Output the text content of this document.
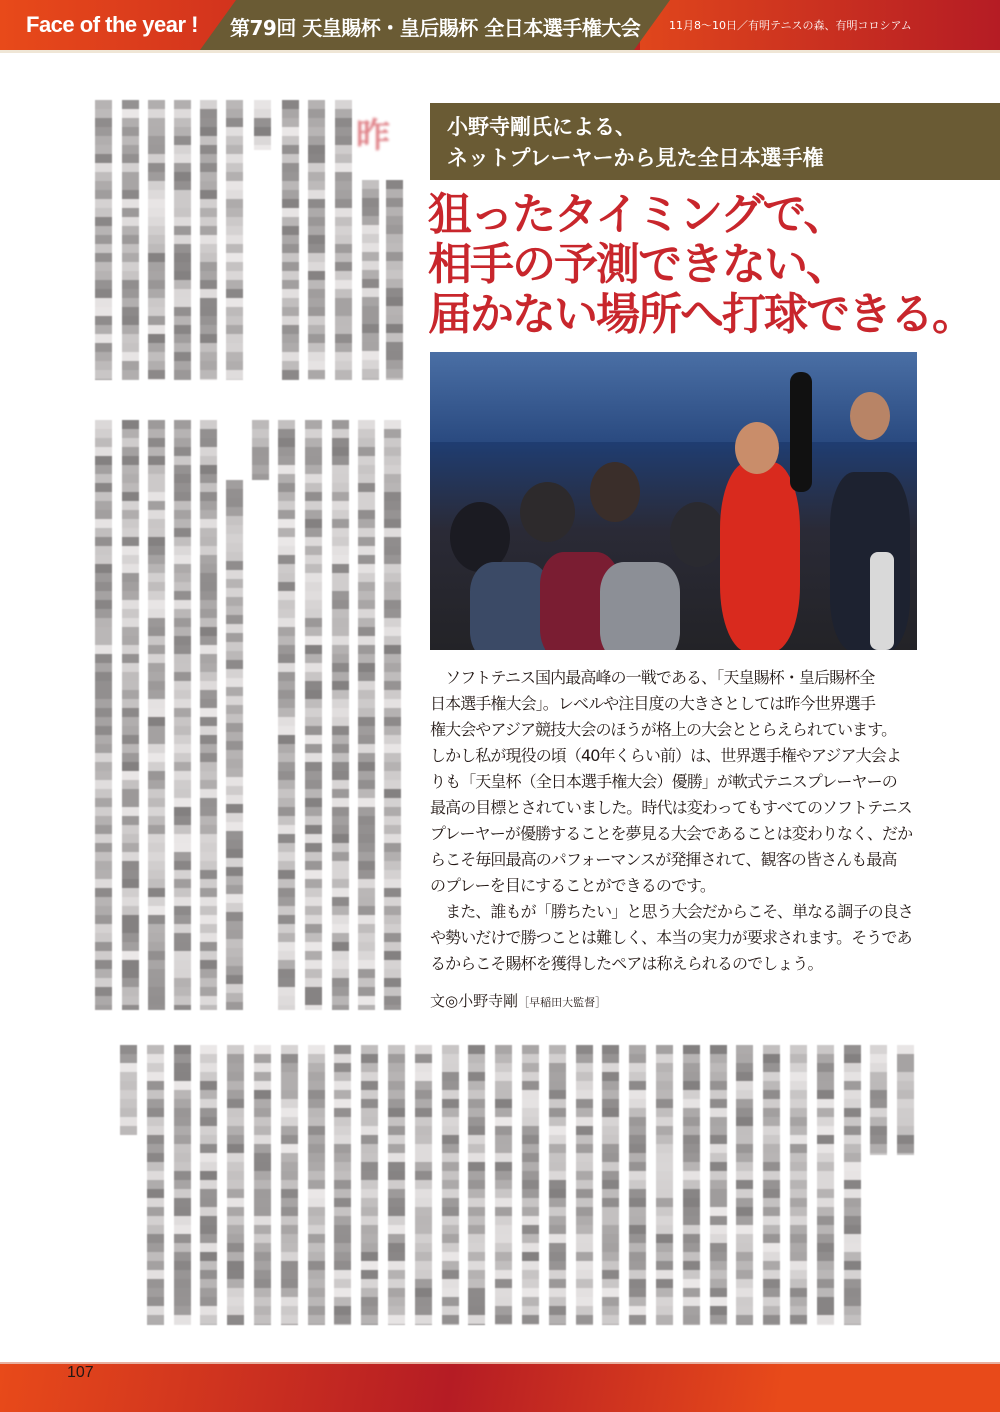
Face of the year ! 第79回 天皇賜杯・皇后賜杯 全日本選手権大会	11月8〜10日／有明テニスの森、有明コロシアム
昨	小野寺剛氏による、
ネットプレーヤーから見た全日本選手権
狙ったタイミングで、
相手の予測できない、
届かない場所へ打球できる。
　ソフトテニス国内最高峰の一戦である、「天皇賜杯・皇后賜杯全
日本選手権大会」。レベルや注目度の大きさとしては昨今世界選手
権大会やアジア競技大会のほうが格上の大会ととらえられています。
しかし私が現役の頃（40年くらい前）は、世界選手権やアジア大会よ
りも「天皇杯（全日本選手権大会）優勝」が軟式テニスプレーヤーの
最高の目標とされていました。時代は変わってもすべてのソフトテニス
プレーヤーが優勝することを夢見る大会であることは変わりなく、だか
らこそ毎回最高のパフォーマンスが発揮されて、観客の皆さんも最高
のプレーを目にすることができるのです。
　また、誰もが「勝ちたい」と思う大会だからこそ、単なる調子の良さ
や勢いだけで勝つことは難しく、本当の実力が要求されます。そうであ
るからこそ賜杯を獲得したペアは称えられるのでしょう。
文◎小野寺剛［早稲田大監督］
107
